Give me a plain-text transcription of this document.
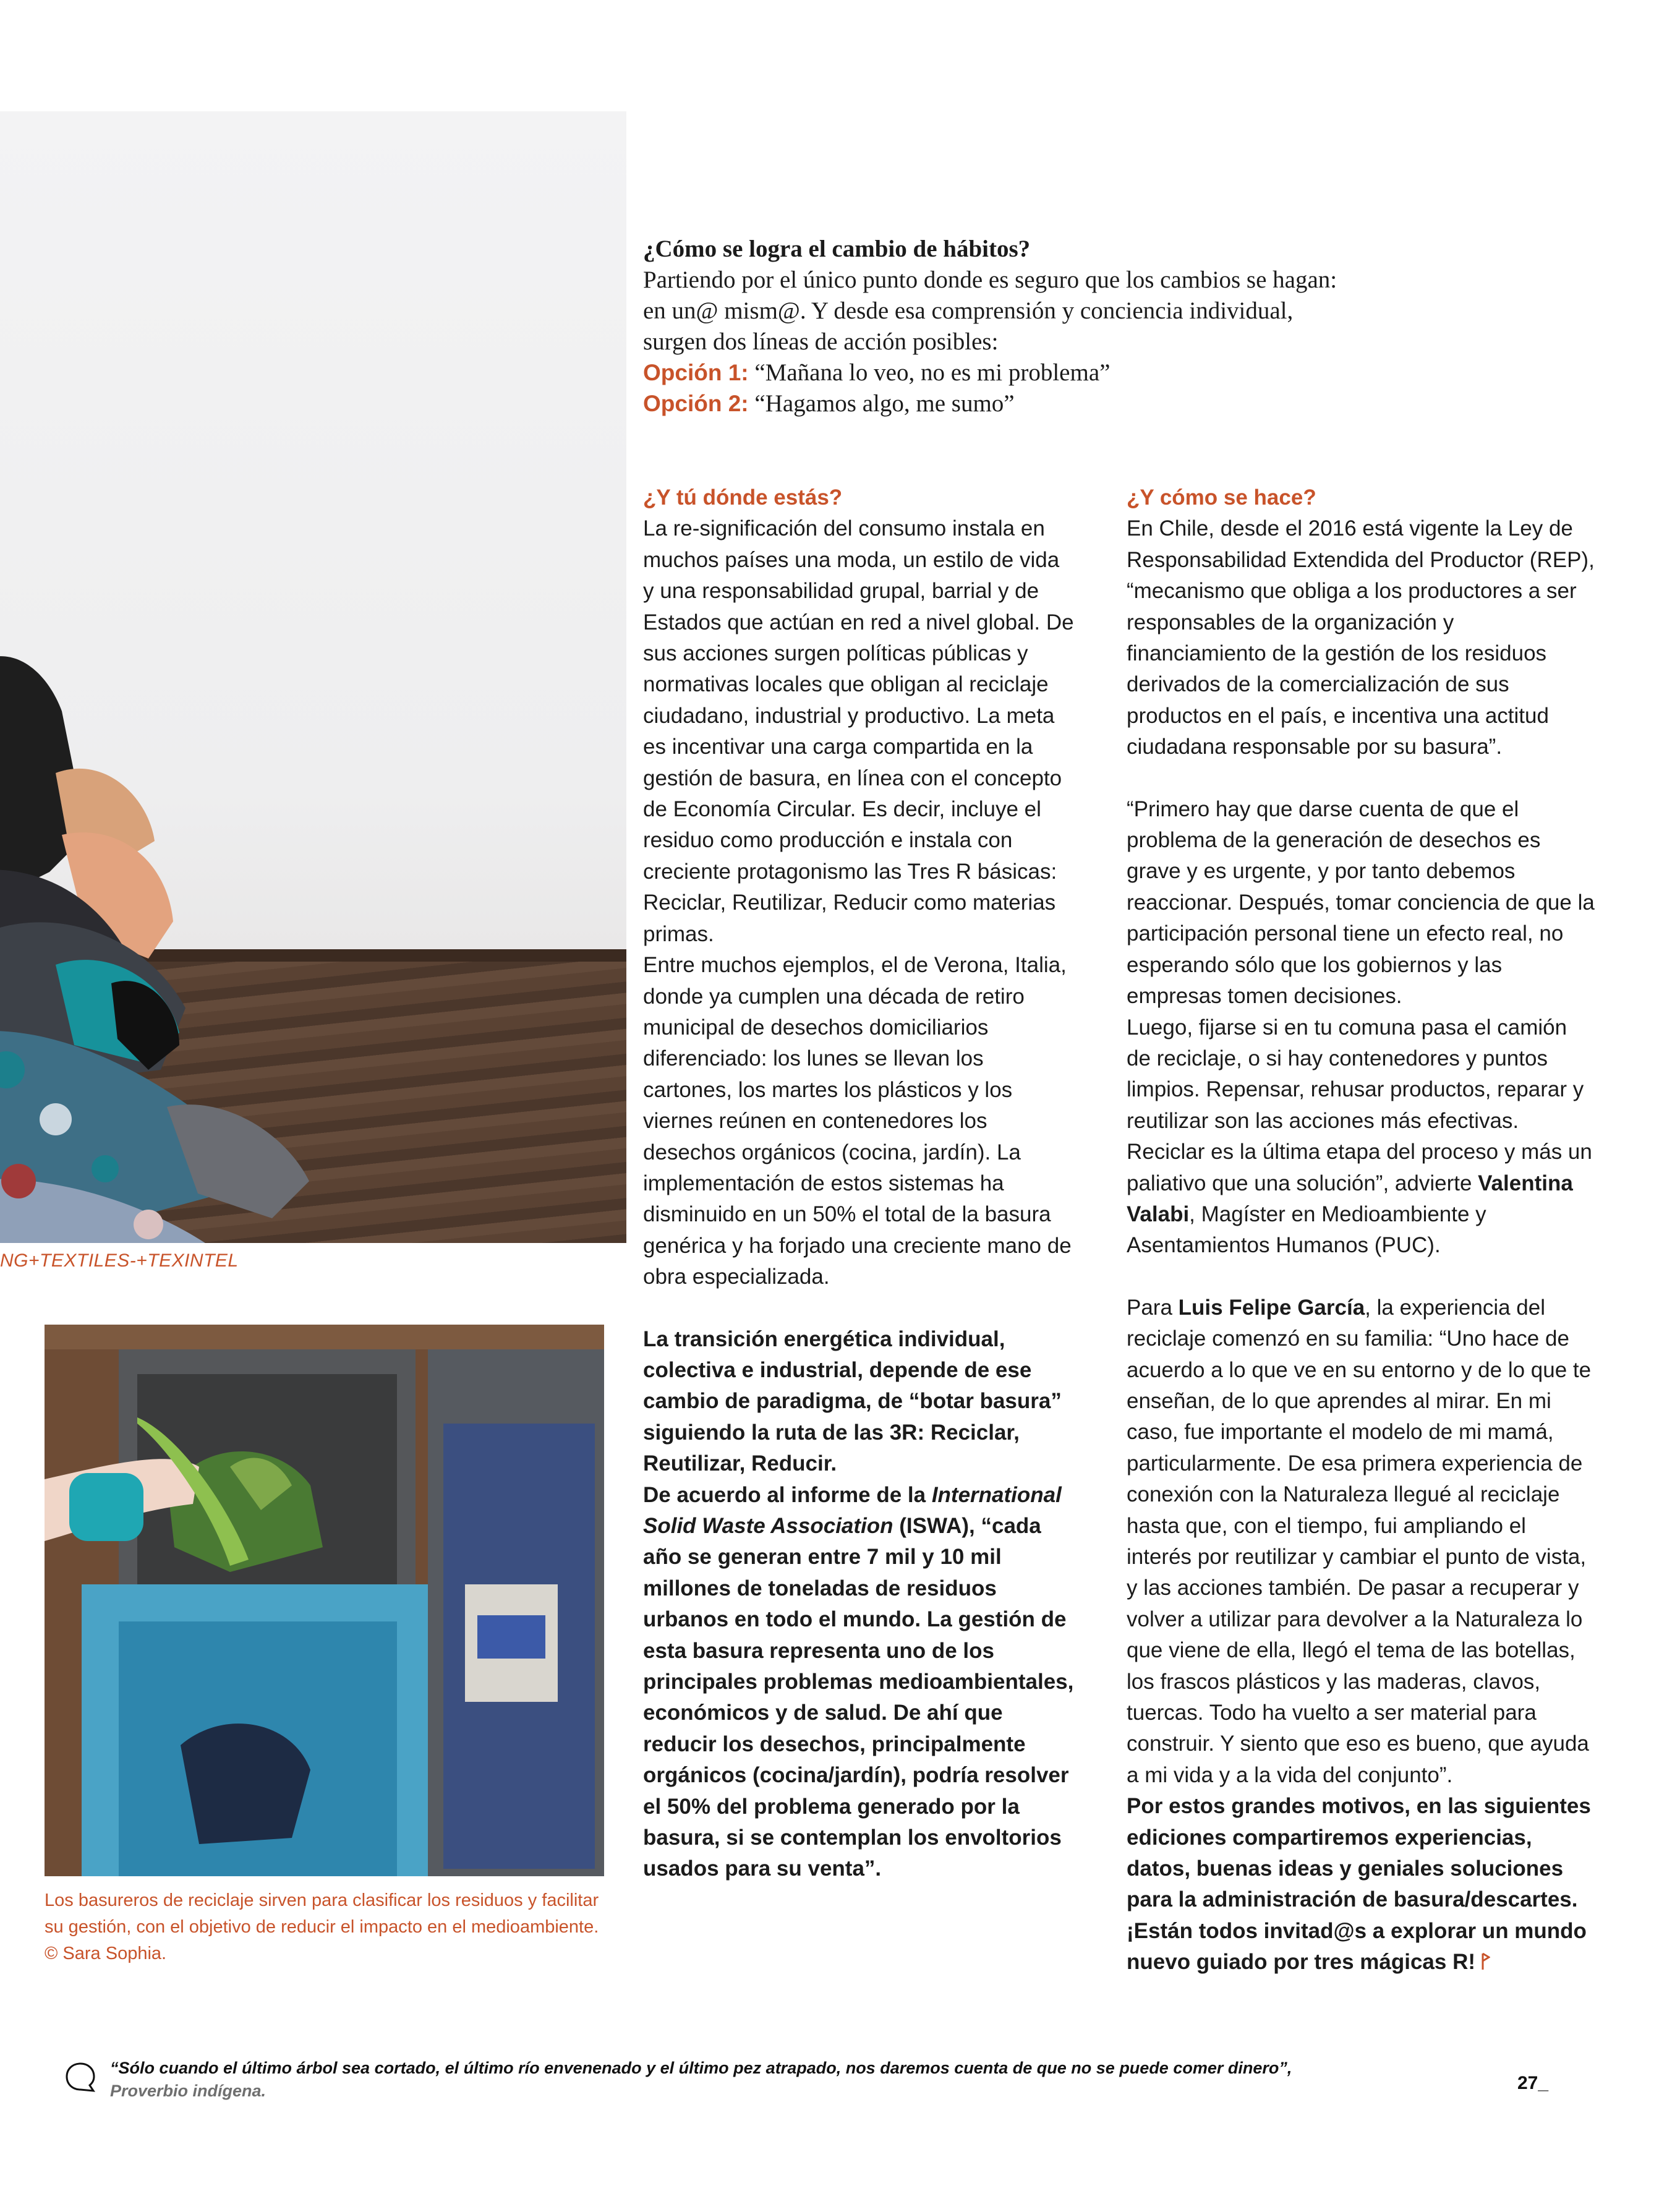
NG+TEXTILES-+TEXINTEL
Los basureros de reciclaje sirven para clasificar los residuos y facilitar su gestión, con el objetivo de reducir el impacto en el medioambiente.
© Sara Sophia.
¿Cómo se logra el cambio de hábitos?
Partiendo por el único punto donde es seguro que los cambios se hagan:
en un@ mism@. Y desde esa comprensión y conciencia individual,
surgen dos líneas de acción posibles:
Opción 1: “Mañana lo veo, no es mi problema”
Opción 2: “Hagamos algo, me sumo”

¿Y tú dónde estás?

La re-significación del consumo instala en muchos países una moda, un estilo de vida y una responsabilidad grupal, barrial y de Estados que actúan en red a nivel global. De sus acciones surgen políticas públicas y normativas locales que obligan al reciclaje ciudadano, industrial y productivo. La meta es incentivar una carga compartida en la gestión de basura, en línea con el concepto de Economía Circular. Es decir, incluye el residuo como producción e instala con creciente protagonismo las Tres R básicas: Reciclar, Reutilizar, Reducir como materias primas.

Entre muchos ejemplos, el de Verona, Italia, donde ya cumplen una década de retiro municipal de desechos domiciliarios diferenciado: los lunes se llevan los cartones, los martes los plásticos y los viernes reúnen en contenedores los desechos orgánicos (cocina, jardín). La implementación de estos sistemas ha disminuido en un 50% el total de la basura genérica y ha forjado una creciente mano de obra especializada.

La transición energética individual, colectiva e industrial, depende de ese cambio de paradigma, de “botar basura” siguiendo la ruta de las 3R: Reciclar, Reutilizar, Reducir.

De acuerdo al informe de la International Solid Waste Association (ISWA), “cada año se generan entre 7 mil y 10 mil millones de toneladas de residuos urbanos en todo el mundo. La gestión de esta basura representa uno de los principales problemas medioambientales, económicos y de salud. De ahí que reducir los desechos, principalmente orgánicos (cocina/jardín), podría resolver el 50% del problema generado por la basura, si se contemplan los envoltorios usados para su venta”.

¿Y cómo se hace?

En Chile, desde el 2016 está vigente la Ley de Responsabilidad Extendida del Productor (REP), “mecanismo que obliga a los productores a ser responsables de la organización y financiamiento de la gestión de los residuos derivados de la comercialización de sus productos en el país, e incentiva una actitud ciudadana responsable por su basura”.

“Primero hay que darse cuenta de que el problema de la generación de desechos es grave y es urgente, y por tanto debemos reaccionar. Después, tomar conciencia de que la participación personal tiene un efecto real, no esperando sólo que los gobiernos y las empresas tomen decisiones.

Luego, fijarse si en tu comuna pasa el camión de reciclaje, o si hay contenedores y puntos limpios. Repensar, rehusar productos, reparar y reutilizar son las acciones más efectivas. Reciclar es la última etapa del proceso y más un paliativo que una solución”, advierte Valentina Valabi, Magíster en Medioambiente y Asentamientos Humanos (PUC).

Para Luis Felipe García, la experiencia del reciclaje comenzó en su familia: “Uno hace de acuerdo a lo que ve en su entorno y de lo que te enseñan, de lo que aprendes al mirar. En mi caso, fue importante el modelo de mi mamá, particularmente. De esa primera experiencia de conexión con la Naturaleza llegué al reciclaje hasta que, con el tiempo, fui ampliando el interés por reutilizar y cambiar el punto de vista, y las acciones también. De pasar a recuperar y volver a utilizar para devolver a la Naturaleza lo que viene de ella, llegó el tema de las botellas, los frascos plásticos y las maderas, clavos, tuercas. Todo ha vuelto a ser material para construir. Y siento que eso es bueno, que ayuda a mi vida y a la vida del conjunto”.

Por estos grandes motivos, en las siguientes ediciones compartiremos experiencias, datos, buenas ideas y geniales soluciones para la administración de basura/descartes. ¡Están todos invitad@s a explorar un mundo nuevo guiado por tres mágicas R!

“Sólo cuando el último árbol sea cortado, el último río envenenado y el último pez atrapado, nos daremos cuenta de que no se puede comer dinero”,
Proverbio indígena.	27_
